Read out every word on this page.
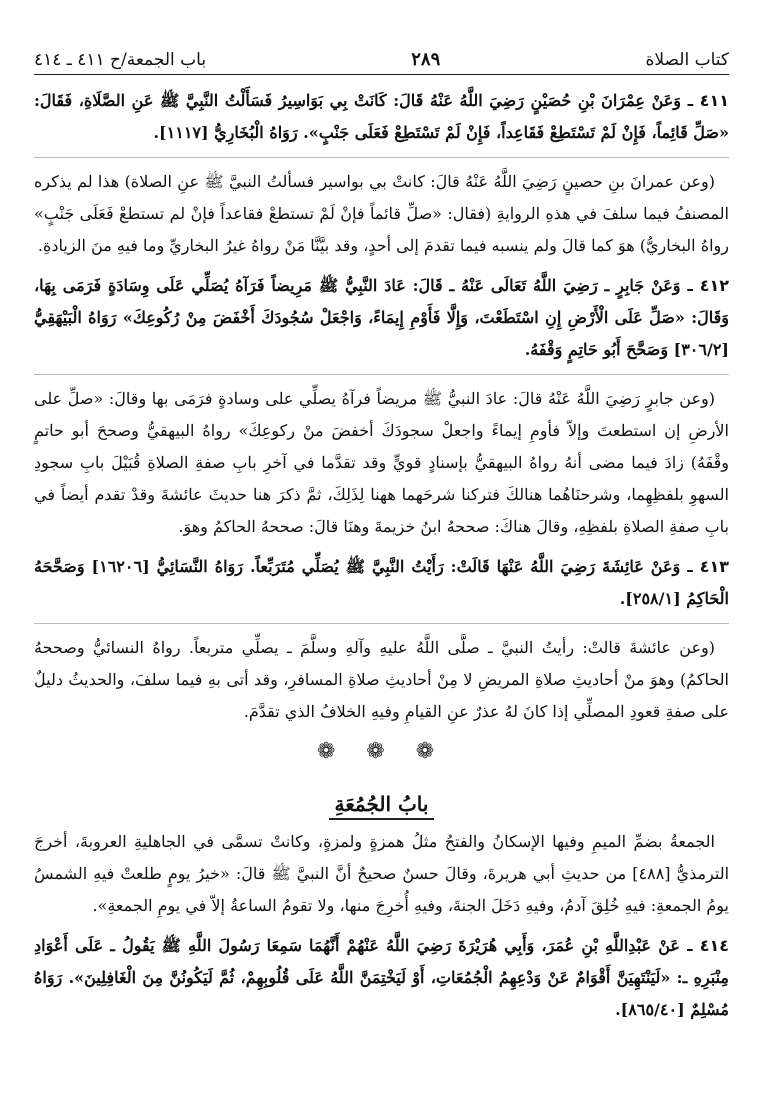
كتاب الصلاة
٢٨٩
باب الجمعة/ح ٤١١ ـ ٤١٤

٤١١ ـ وَعَنْ عِمْرَانَ بْنِ حُصَيْنٍ رَضِيَ اللَّهُ عَنْهُ قَالَ: كَانَتْ بِي بَوَاسِيرُ فَسَأَلْتُ النَّبِيَّ ﷺ عَنِ الصَّلَاةِ، فَقَالَ: «صَلِّ قَائِماً، فَإِنْ لَمْ تَسْتَطِعْ فَقَاعِداً، فَإِنْ لَمْ تَسْتَطِعْ فَعَلَى جَنْبٍ». رَوَاهُ الْبُخَارِيُّ [١١١٧].

(وعن عمرانَ بنِ حصينٍ رَضِيَ اللَّهُ عَنْهُ قالَ: كانتْ بي بواسير فسألتُ النبيَّ ﷺ عنِ الصلاة) هذا لم يذكره المصنفُ فيما سلفَ في هذهِ الروايةِ (فقال: «صلِّ قائماً فإنْ لَمْ تستطعْ فقاعداً فإنْ لم تستطعْ فَعَلَى جَنْبٍ» رواهُ البخاريُّ) هوَ كما قالَ ولم ينسبه فيما تقدمَ إلى أحدٍ، وقد بيَّنَّا مَنْ رواهُ غيرُ البخاريِّ وما فيهِ منَ الزيادةِ.

٤١٢ ـ وَعَنْ جَابِرٍ ـ رَضِيَ اللَّهُ تَعَالَى عَنْهُ ـ قَالَ: عَادَ النَّبِيُّ ﷺ مَرِيضاً فَرَآهُ يُصَلِّي عَلَى وِسَادَةٍ فَرَمَى بِهَا، وَقَالَ: «صَلِّ عَلَى الْأَرْضِ إِنِ اسْتَطَعْتَ، وَإِلَّا فَأَوْمِ إِيمَاءً، وَاجْعَلْ سُجُودَكَ أَخْفَضَ مِنْ رُكُوعِكَ» رَوَاهُ الْبَيْهَقِيُّ [٣٠٦/٢] وَصَحَّحَ أَبُو حَاتِمٍ وَقْفَهُ.

(وعن جابرٍ رَضِيَ اللَّهُ عَنْهُ قالَ: عادَ النبيُّ ﷺ مريضاً فرآهُ يصلِّي على وسادةٍ فرَمَى بها وقالَ: «صلِّ على الأرضِ إن استطعتَ وإلاّ فأومِ إيماءً واجعلْ سجودَكَ أخفضَ منْ ركوعِكَ» رواهُ البيهقيُّ وصححَ أبو حاتمٍ وقْفَهُ) زادَ فيما مضى أنهُ رواهُ البيهقيُّ بإسنادٍ قويٍّ وقد تقدَّما في آخرِ بابِ صفةِ الصلاةِ قُبَيْلَ بابِ سجودِ السهوِ بلفظِهِما، وشرحنَاهُما هنالكَ فتركنا شرحَهما ههنا لِذَلِكَ، ثمَّ ذكرَ هنا حديثَ عائشةَ وقدْ تقدم أيضاً في بابِ صفةِ الصلاةِ بلفظِهِ، وقالَ هناكَ: صححهُ ابنُ خزيمةَ وهنَا قالَ: صححهُ الحاكمُ وهوَ.

٤١٣ ـ وَعَنْ عَائِشَةَ رَضِيَ اللَّهُ عَنْهَا قَالَتْ: رَأَيْتُ النَّبِيَّ ﷺ يُصَلِّي مُتَرَبِّعاً. رَوَاهُ النَّسَائِيُّ [١٦٢٠٦] وَصَحَّحَهُ الْحَاكِمُ [٢٥٨/١].

(وعن عائشةَ قالتْ: رأيتُ النبيَّ ـ صلَّى اللَّهُ عليهِ وآلهِ وسلَّمَ ـ يصلِّي متربعاً. رواهُ النسائيُّ وصححهُ الحاكمُ) وهوَ منْ أحاديثِ صلاةِ المريضِ لا مِنْ أحاديثِ صلاةِ المسافرِ، وقد أتى بهِ فيما سلفَ، والحديثُ دليلٌ على صفةِ قعودِ المصلِّي إذا كانَ لهُ عذرٌ عنِ القيامِ وفيهِ الخلافُ الذي تقدَّمَ.

❁ ❁ ❁
بابُ الجُمُعَةِ

الجمعةُ بضمِّ الميمِ وفيها الإسكانُ والفتحُ مثلُ همزةٍ ولمزةٍ، وكانتْ تسمَّى في الجاهليةِ العروبةَ، أخرجَ الترمذيُّ [٤٨٨] من حديثِ أبي هريرةَ، وقالَ حسنٌ صحيحٌ أنَّ النبيَّ ﷺ قالَ: «خيرُ يومٍ طلعتْ فيهِ الشمسُ يومُ الجمعةِ: فيهِ خُلِقَ آدمُ، وفيهِ دَخَلَ الجنةَ، وفيهِ أُخرِجَ منها، ولا تقومُ الساعةُ إلاّ في يومِ الجمعةِ».

٤١٤ ـ عَنْ عَبْدِاللَّهِ بْنِ عُمَرَ، وَأَبِي هُرَيْرَةَ رَضِيَ اللَّهُ عَنْهُمْ أَنَّهُمَا سَمِعَا رَسُولَ اللَّهِ ﷺ يَقُولُ ـ عَلَى أَعْوَادِ مِنْبَرِهِ ـ: «لَيَنْتَهِيَنَّ أَقْوَامٌ عَنْ وَدْعِهِمُ الْجُمُعَاتِ، أَوْ لَيَخْتِمَنَّ اللَّهُ عَلَى قُلُوبِهِمْ، ثُمَّ لَيَكُونُنَّ مِنَ الْغَافِلِينَ». رَوَاهُ مُسْلِمٌ [٨٦٥/٤٠].
